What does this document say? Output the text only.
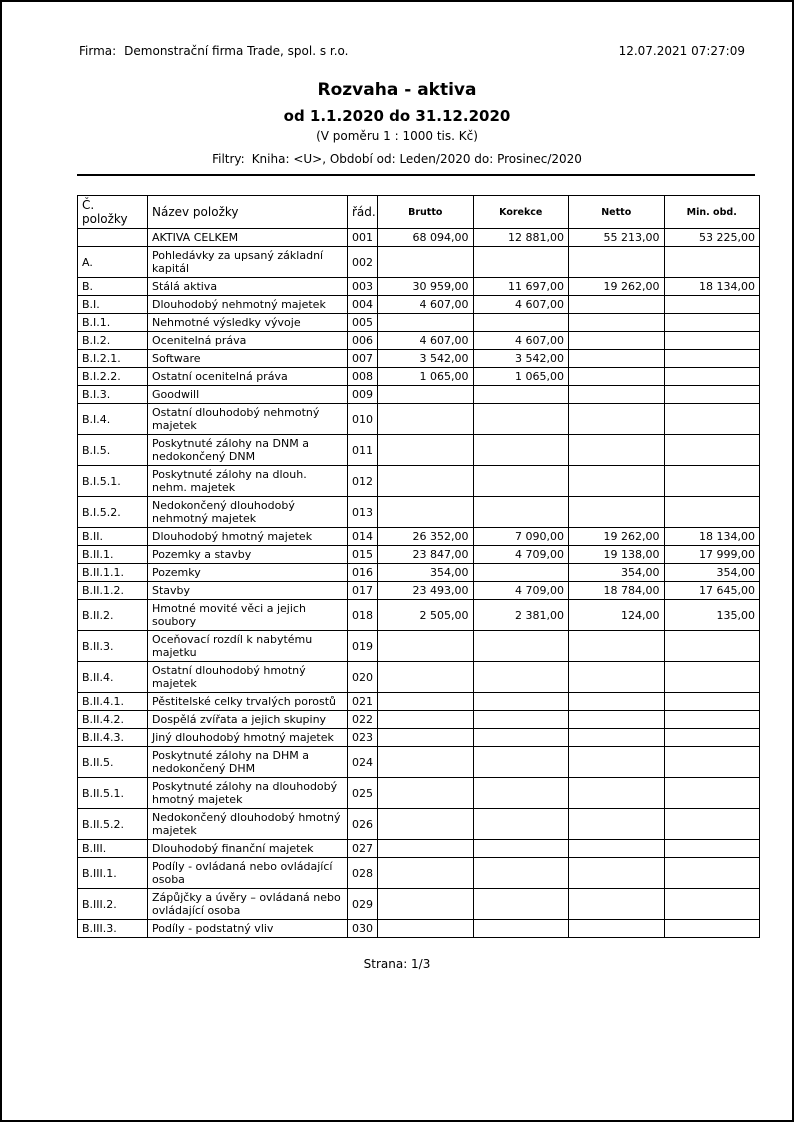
Firma: Demonstrační firma Trade, spol. s r.o.	12.07.2021 07:27:09
Rozvaha - aktiva
od 1.1.2020 do 31.12.2020
(V poměru 1 : 1000 tis. Kč)
Filtry: Kniha: <U>, Období od: Leden/2020 do: Prosinec/2020
Č. položky	Název položky	řád.	Brutto	Korekce	Netto	Min. obd.
	AKTIVA CELKEM	001	68 094,00	12 881,00	55 213,00	53 225,00
A.	Pohledávky za upsaný základní kapitál	002				
B.	Stálá aktiva	003	30 959,00	11 697,00	19 262,00	18 134,00
B.I.	Dlouhodobý nehmotný majetek	004	4 607,00	4 607,00		
B.I.1.	Nehmotné výsledky vývoje	005				
B.I.2.	Ocenitelná práva	006	4 607,00	4 607,00		
B.I.2.1.	Software	007	3 542,00	3 542,00		
B.I.2.2.	Ostatní ocenitelná práva	008	1 065,00	1 065,00		
B.I.3.	Goodwill	009				
B.I.4.	Ostatní dlouhodobý nehmotný majetek	010				
B.I.5.	Poskytnuté zálohy na DNM a nedokončený DNM	011				
B.I.5.1.	Poskytnuté zálohy na dlouh. nehm. majetek	012				
B.I.5.2.	Nedokončený dlouhodobý nehmotný majetek	013				
B.II.	Dlouhodobý hmotný majetek	014	26 352,00	7 090,00	19 262,00	18 134,00
B.II.1.	Pozemky a stavby	015	23 847,00	4 709,00	19 138,00	17 999,00
B.II.1.1.	Pozemky	016	354,00		354,00	354,00
B.II.1.2.	Stavby	017	23 493,00	4 709,00	18 784,00	17 645,00
B.II.2.	Hmotné movité věci a jejich soubory	018	2 505,00	2 381,00	124,00	135,00
B.II.3.	Oceňovací rozdíl k nabytému majetku	019				
B.II.4.	Ostatní dlouhodobý hmotný majetek	020				
B.II.4.1.	Pěstitelské celky trvalých porostů	021				
B.II.4.2.	Dospělá zvířata a jejich skupiny	022				
B.II.4.3.	Jiný dlouhodobý hmotný majetek	023				
B.II.5.	Poskytnuté zálohy na DHM a nedokončený DHM	024				
B.II.5.1.	Poskytnuté zálohy na dlouhodobý hmotný majetek	025				
B.II.5.2.	Nedokončený dlouhodobý hmotný majetek	026				
B.III.	Dlouhodobý finanční majetek	027				
B.III.1.	Podíly - ovládaná nebo ovládající osoba	028				
B.III.2.	Zápůjčky a úvěry – ovládaná nebo ovládající osoba	029				
B.III.3.	Podíly - podstatný vliv	030				
Strana: 1/3
